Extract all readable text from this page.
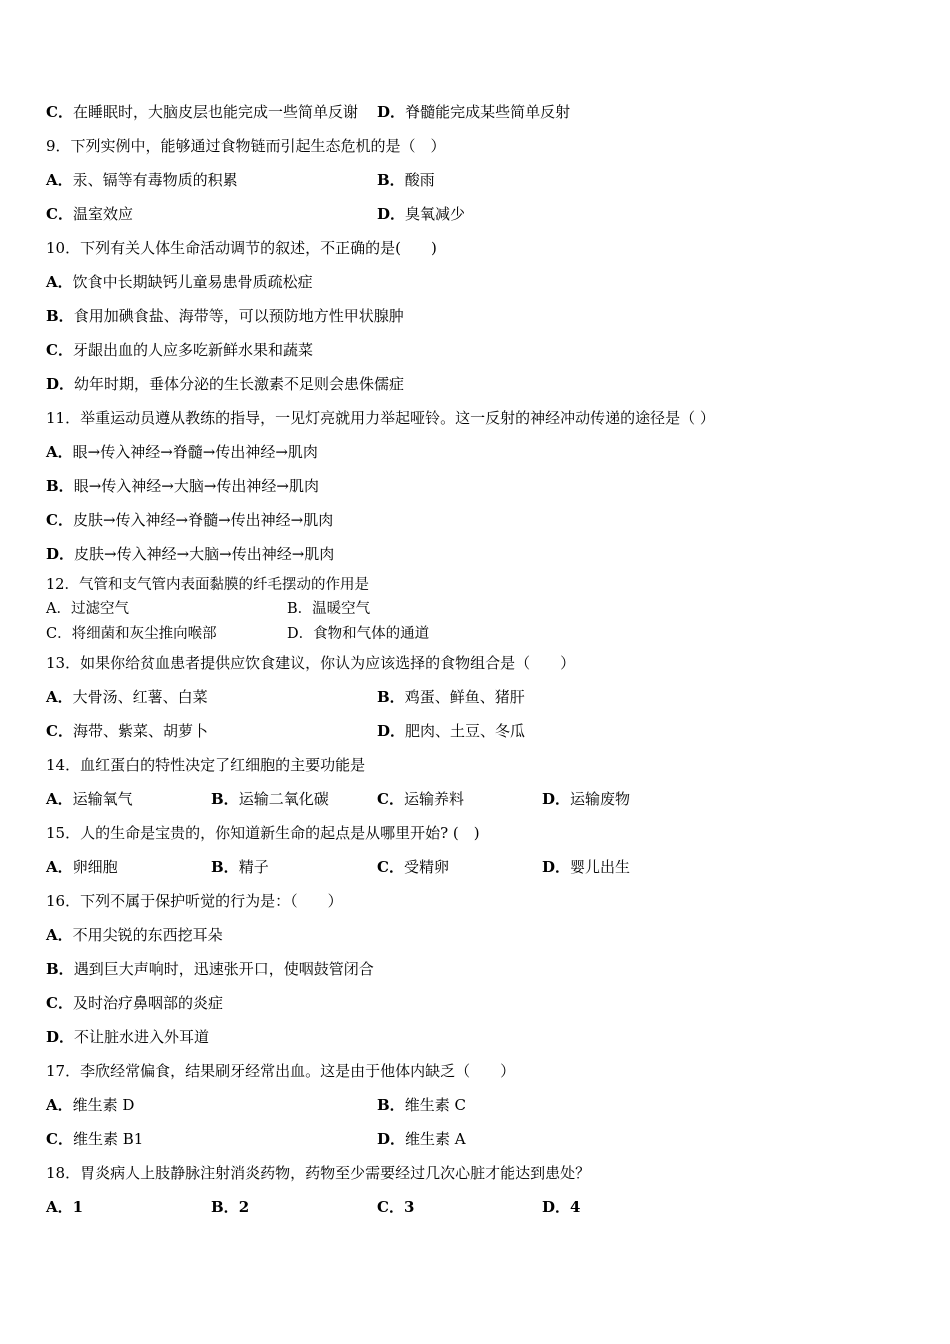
C．在睡眠时，大脑皮层也能完成一些简单反谢 D．脊髓能完成某些简单反射
9．下列实例中，能够通过食物链而引起生态危机的是（　）
A．汞、镉等有毒物质的积累	B．酸雨
C．温室效应	D．臭氧减少
10．下列有关人体生命活动调节的叙述，不正确的是(　　)
A．饮食中长期缺钙儿童易患骨质疏松症
B．食用加碘食盐、海带等，可以预防地方性甲状腺肿
C．牙龈出血的人应多吃新鲜水果和蔬菜
D．幼年时期，垂体分泌的生长激素不足则会患侏儒症
11．举重运动员遵从教练的指导，一见灯亮就用力举起哑铃。这一反射的神经冲动传递的途径是（ ）
A．眼→传入神经→脊髓→传出神经→肌肉
B．眼→传入神经→大脑→传出神经→肌肉
C．皮肤→传入神经→脊髓→传出神经→肌肉
D．皮肤→传入神经→大脑→传出神经→肌肉
12．气管和支气管内表面黏膜的纤毛摆动的作用是
A．过滤空气	B．温暖空气
C．将细菌和灰尘推向喉部	D．食物和气体的通道
13．如果你给贫血患者提供应饮食建议，你认为应该选择的食物组合是（　　）
A．大骨汤、红薯、白菜	B．鸡蛋、鲜鱼、猪肝
C．海带、紫菜、胡萝卜	D．肥肉、土豆、冬瓜
14．血红蛋白的特性决定了红细胞的主要功能是
A．运输氧气	B．运输二氧化碳	C．运输养料	D．运输废物
15．人的生命是宝贵的，你知道新生命的起点是从哪里开始? (　)
A．卵细胞	B．精子	C．受精卵	D．婴儿出生
16．下列不属于保护听觉的行为是：（　　）
A．不用尖锐的东西挖耳朵
B．遇到巨大声响时，迅速张开口，使咽鼓管闭合
C．及时治疗鼻咽部的炎症
D．不让脏水进入外耳道
17．李欣经常偏食，结果刷牙经常出血。这是由于他体内缺乏（　　）
A．维生素 D	B．维生素 C
C．维生素 B1	D．维生素 A
18．胃炎病人上肢静脉注射消炎药物，药物至少需要经过几次心脏才能达到患处？
A．1	B．2	C．3	D．4
